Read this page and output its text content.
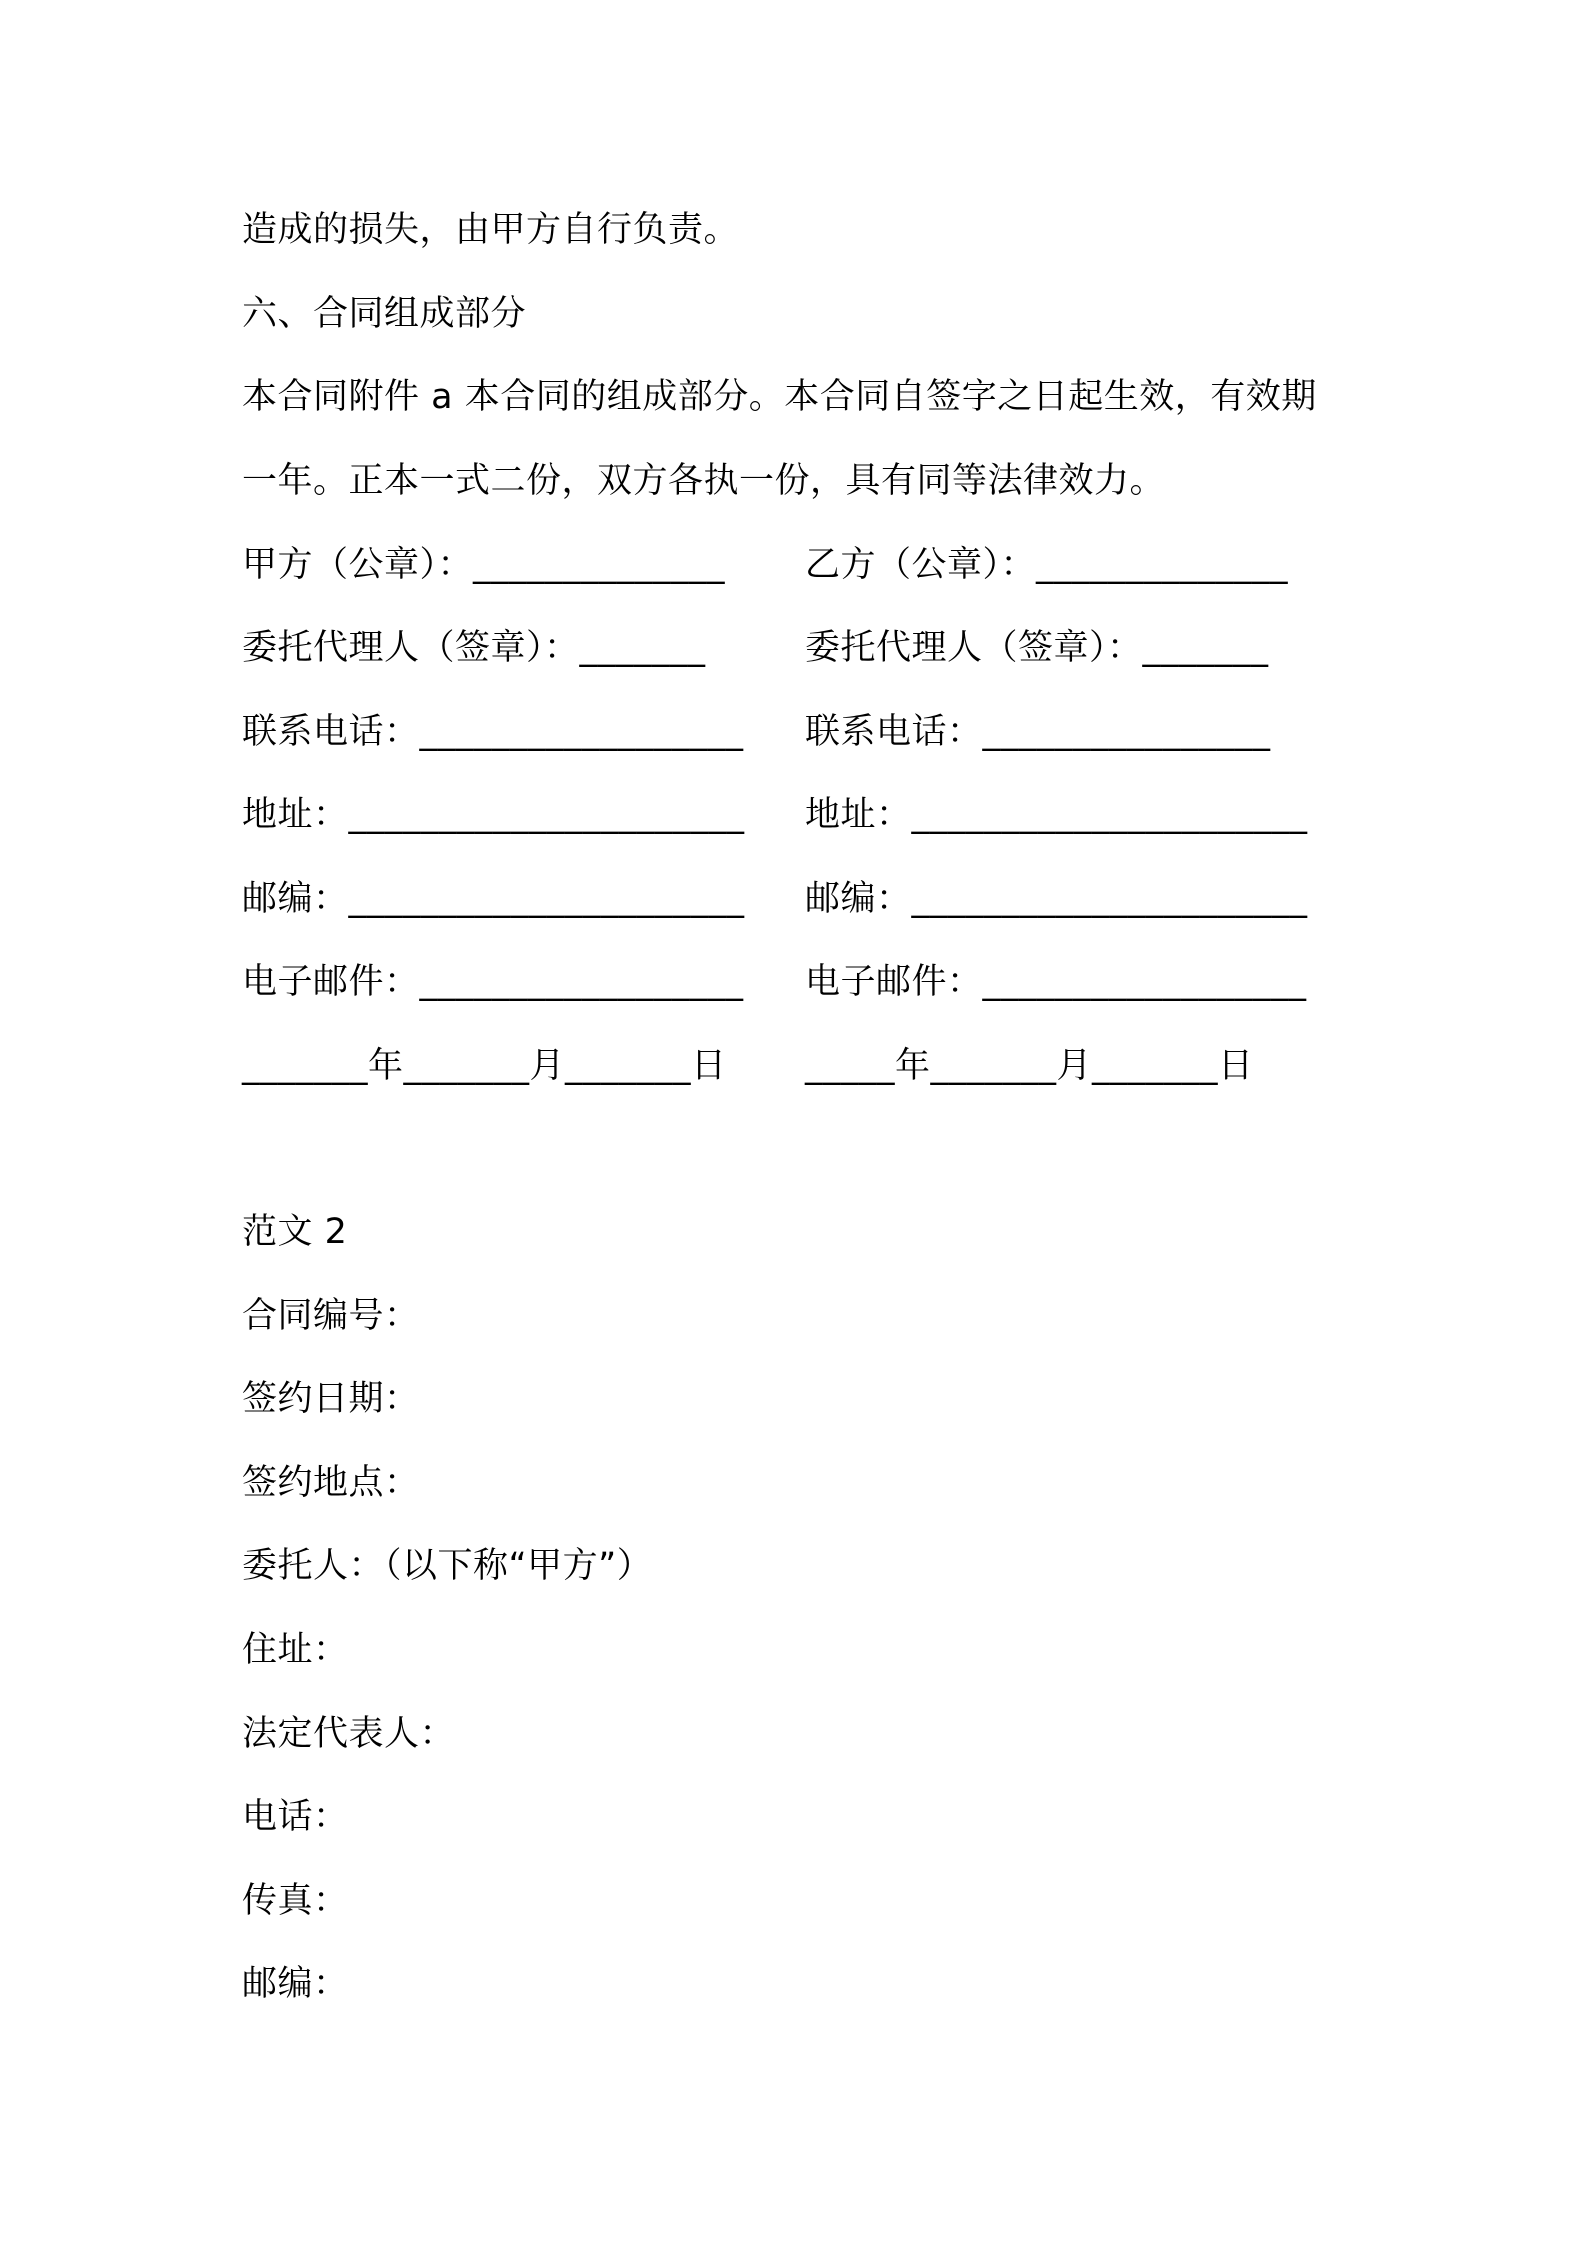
造成的损失，由甲方自行负责。
六、合同组成部分
本合同附件 a 本合同的组成部分。本合同自签字之日起生效，有效期
一年。正本一式二份，双方各执一份，具有同等法律效力。
甲方（公章）：______________ 乙方（公章）：______________
委托代理人（签章）：_______	委托代理人（签章）：_______
联系电话：__________________ 联系电话：________________
地址：______________________ 地址：______________________
邮编：______________________ 邮编：______________________
电子邮件：__________________ 电子邮件：__________________
_______年_______月_______日 _____年_______月_______日
范文 2
合同编号：
签约日期：
签约地点：
委托人：（以下称“甲方”）
住址：
法定代表人：
电话：
传真：
邮编：
